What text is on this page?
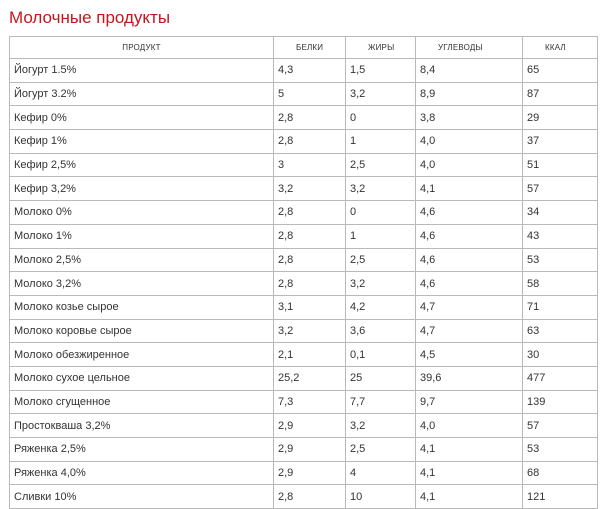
Молочные продукты
ПРОДУКТ	БЕЛКИ	ЖИРЫ	УГЛЕВОДЫ	ККАЛ
Йогурт 1.5%	4,3	1,5	8,4	65
Йогурт 3.2%	5	3,2	8,9	87
Кефир 0%	2,8	0	3,8	29
Кефир 1%	2,8	1	4,0	37
Кефир 2,5%	3	2,5	4,0	51
Кефир 3,2%	3,2	3,2	4,1	57
Молоко 0%	2,8	0	4,6	34
Молоко 1%	2,8	1	4,6	43
Молоко 2,5%	2,8	2,5	4,6	53
Молоко 3,2%	2,8	3,2	4,6	58
Молоко козье сырое	3,1	4,2	4,7	71
Молоко коровье сырое	3,2	3,6	4,7	63
Молоко обезжиренное	2,1	0,1	4,5	30
Молоко сухое цельное	25,2	25	39,6	477
Молоко сгущенное	7,3	7,7	9,7	139
Простокваша 3,2%	2,9	3,2	4,0	57
Ряженка 2,5%	2,9	2,5	4,1	53
Ряженка 4,0%	2,9	4	4,1	68
Сливки 10%	2,8	10	4,1	121
